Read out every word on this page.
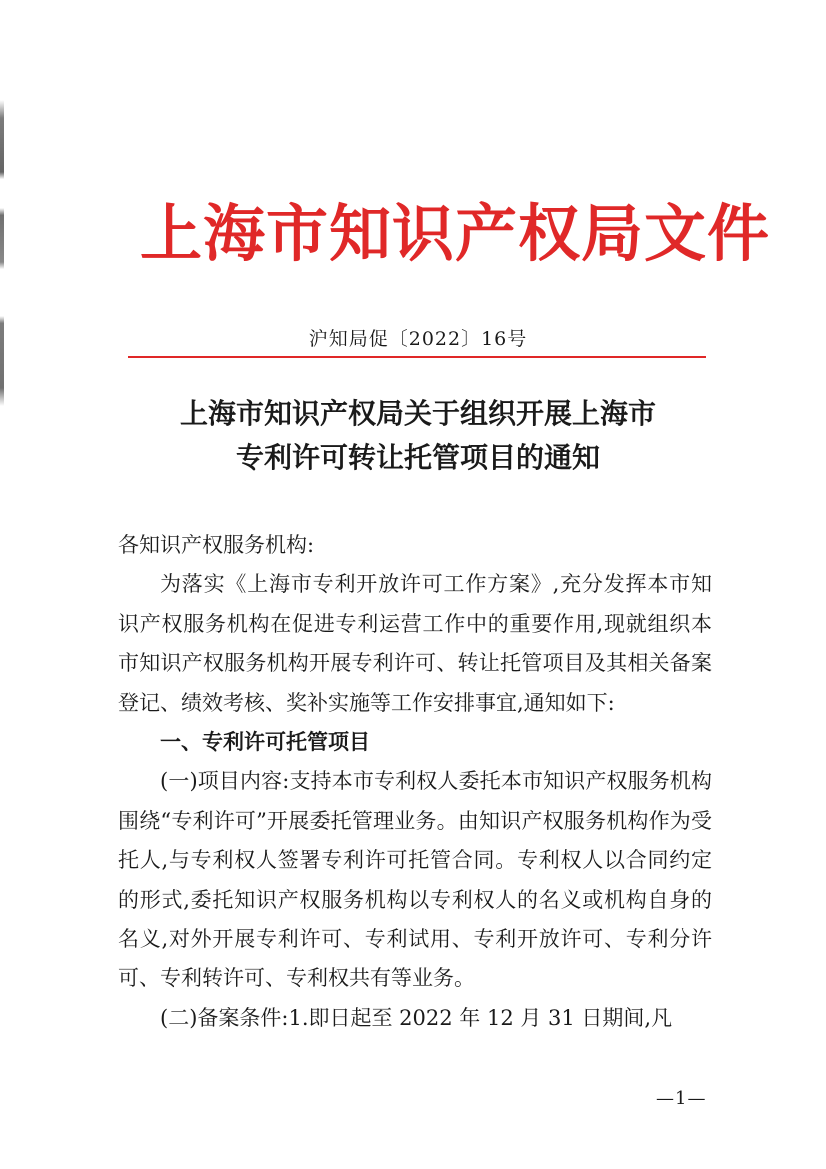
上海市知识产权局文件
沪知局促〔2022〕16号
上海市知识产权局关于组织开展上海市
专利许可转让托管项目的通知

各知识产权服务机构:

为落实《上海市专利开放许可工作方案》,充分发挥本市知识产权服务机构在促进专利运营工作中的重要作用,现就组织本市知识产权服务机构开展专利许可、转让托管项目及其相关备案登记、绩效考核、奖补实施等工作安排事宜,通知如下:

一、专利许可托管项目

(一)项目内容:支持本市专利权人委托本市知识产权服务机构围绕“专利许可”开展委托管理业务。由知识产权服务机构作为受托人,与专利权人签署专利许可托管合同。专利权人以合同约定的形式,委托知识产权服务机构以专利权人的名义或机构自身的名义,对外开展专利许可、专利试用、专利开放许可、专利分许可、专利转许可、专利权共有等业务。

(二)备案条件:1.即日起至 2022 年 12 月 31 日期间,凡

—1—
